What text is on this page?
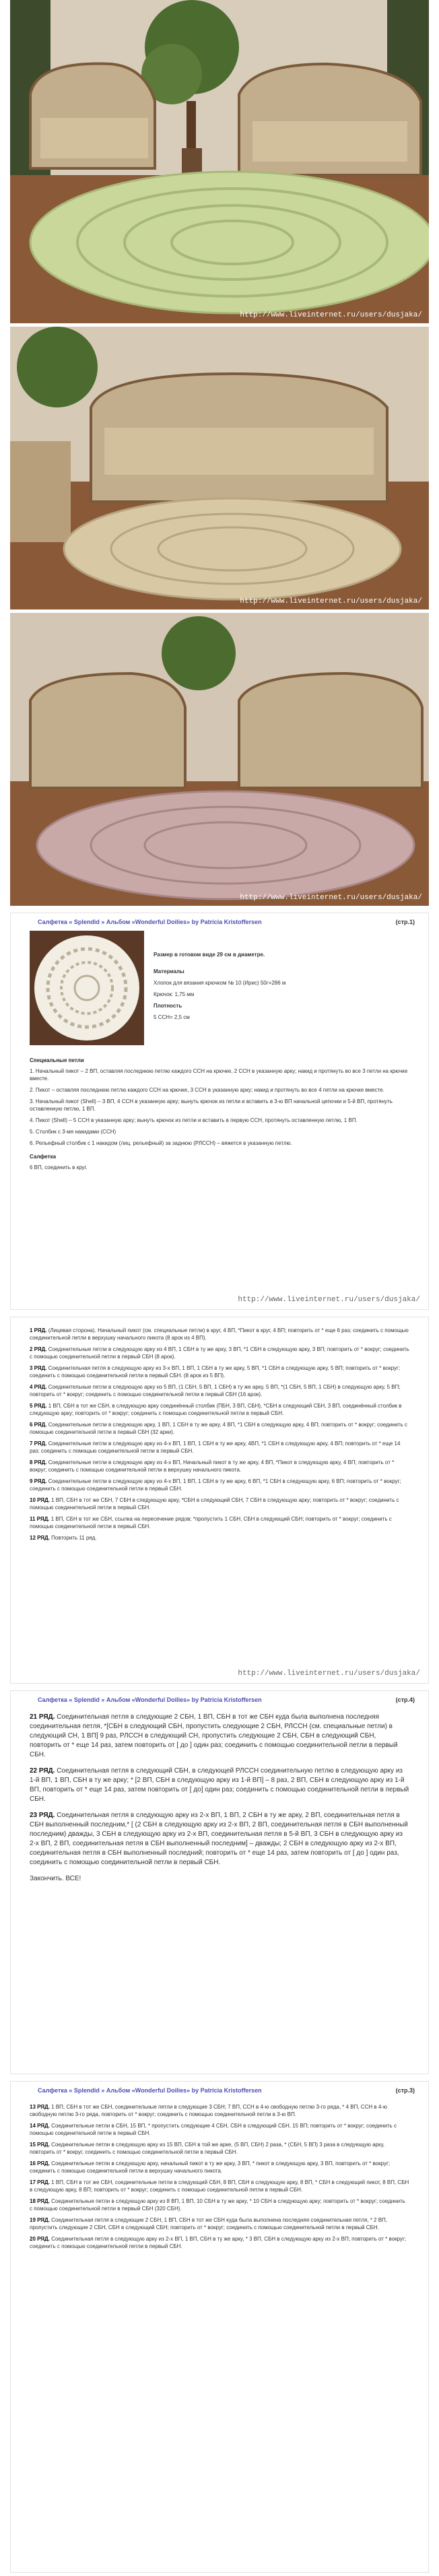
http://www.liveinternet.ru/users/dusjaka/
http://www.liveinternet.ru/users/dusjaka/
http://www.liveinternet.ru/users/dusjaka/
Салфетка « Splendid » Альбом «Wonderful Doilies» by Patricia Kristoffersen	(стр.1)

Размер в готовом виде 29 см в диаметре.

Материалы

Хлопок для вязания крючком № 10 (Ирис) 50г=286 м

Крючок: 1,75 мм

Плотность

5 ССН= 2,5 см

Специальные петли

1. Начальный пикот – 2 ВП, оставляя последнюю петлю каждого ССН на крючке, 2 ССН в указанную арку; накид и протянуть во все 3 петли на крючке вместе.

2. Пикот – оставляя последнюю петлю каждого ССН на крючке, 3 ССН в указанную арку; накид и протянуть во все 4 петли на крючке вместе.

3. Начальный пикот (Shell) – 3 ВП, 4 ССН в указанную арку; вынуть крючок из петли и вставить в 3-ю ВП начальной цепочки и 5-й ВП, протянуть оставленную петлю, 1 ВП.

4. Пикот (Shell) – 5 ССН в указанную арку; вынуть крючок из петли и вставить в первую ССН, протянуть оставленную петлю, 1 ВП.

5. Столбик с 3-мя накидами (ССН)

6. Рельефный столбик с 1 накидом (лиц. рельефный) за заднюю (РЛССН) – вяжется в указанную петлю.

Салфетка

6 ВП, соединить в круг.

http://www.liveinternet.ru/users/dusjaka/

1 РЯД. (Лицевая сторона). Начальный пикот (см. специальные петли) в круг, 4 ВП, *Пикот в круг, 4 ВП; повторить от * еще 6 раз; соединить с помощью соединительной петли в верхушку начального пикота (8 арок из 4 ВП).

2 РЯД. Соединительные петли в следующую арку из 4 ВП, 1 СБН в ту же арку, 3 ВП, *1 СБН в следующую арку, 3 ВП; повторить от * вокруг; соединить с помощью соединительной петли в первый СБН (8 арок).

3 РЯД. Соединительная петля в следующую арку из 3-х ВП, 1 ВП, 1 СБН в ту же арку, 5 ВП, *1 СБН в следующую арку, 5 ВП; повторить от * вокруг; соединить с помощью соединительной петли в первый СБН. (8 арок из 5 ВП).

4 РЯД. Соединительные петли в следующую арку из 5 ВП, (1 СБН, 5 ВП, 1 СБН) в ту же арку, 5 ВП, *(1 СБН, 5 ВП, 1 СБН) в следующую арку, 5 ВП; повторить от * вокруг; соединить с помощью соединительной петли в первый СБН (16 арок).

5 РЯД. 1 ВП, СБН в тот же СБН, в следующую арку соединённый столбик (ПБН, 3 ВП, СБН), *СБН в следующий СБН, 3 ВП, соединённый столбик в следующую арку; повторить от * вокруг; соединить с помощью соединительной петли в первый СБН.

6 РЯД. Соединительные петли в следующую арку, 1 ВП, 1 СБН в ту же арку, 4 ВП, *1 СБН в следующую арку, 4 ВП; повторить от * вокруг; соединить с помощью соединительной петли в первый СБН (32 арки).

7 РЯД. Соединительные петли в следующую арку из 4-х ВП, 1 ВП, 1 СБН в ту же арку, 4ВП, *1 СБН в следующую арку, 4 ВП; повторить от * еще 14 раз; соединить с помощью соединительной петли в первый СБН.

8 РЯД. Соединительные петли в следующую арку из 4-х ВП, Начальный пикот в ту же арку, 4 ВП, *Пикот в следующую арку, 4 ВП; повторить от * вокруг; соединить с помощью соединительной петли в верхушку начального пикота.

9 РЯД. Соединительные петли в следующую арку из 4-х ВП, 1 ВП, 1 СБН в ту же арку, 6 ВП, *1 СБН в следующую арку, 6 ВП; повторить от * вокруг; соединить с помощью соединительной петли в первый СБН.

10 РЯД. 1 ВП, СБН в тот же СБН, 7 СБН в следующую арку, *СБН в следующий СБН, 7 СБН в следующую арку; повторить от * вокруг; соединить с помощью соединительной петли в первый СБН.

11 РЯД. 1 ВП, СБН в тот же СБН, ссылка на пересечение рядов; *пропустить 1 СБН, СБН в следующий СБН; повторить от * вокруг; соединить с помощью соединительной петли в первый СБН.

12 РЯД. Повторить 11 ряд.

http://www.liveinternet.ru/users/dusjaka/
Салфетка « Splendid » Альбом «Wonderful Doilies» by Patricia Kristoffersen	(стр.4)

21 РЯД. Соединительная петля в следующие 2 СБН, 1 ВП, СБН в тот же СБН куда была выполнена последняя соединительная петля, *[СБН в следующий СБН, пропустить следующие 2 СБН, РЛССН (см. специальные петли) в следующий СН, 1 ВП] 9 раз, РЛССН в следующий СН, пропустить следующие 2 СБН, СБН в следующий СБН, повторить от * еще 14 раз, затем повторить от [ до ] один раз; соединить с помощью соединительной петли в первый СБН.

22 РЯД. Соединительная петля в следующий СБН, в следующей РЛССН соединительную петлю в следующую арку из 1-й ВП, 1 ВП, СБН в ту же арку; * [2 ВП, СБН в следующую арку из 1-й ВП] – 8 раз, 2 ВП, СБН в следующую арку из 1-й ВП, повторить от * еще 14 раз, затем повторить от [ до] один раз; соединить с помощью соединительной петли в первый СБН.

23 РЯД. Соединительная петля в следующую арку из 2-х ВП, 1 ВП, 2 СБН в ту же арку, 2 ВП, соединительная петля в СБН выполненный последним,* [ (2 СБН в следующую арку из 2-х ВП, 2 ВП, соединительная петля в СБН выполненный последним) дважды, 3 СБН в следующую арку из 2-х ВП, соединительная петля в 5-й ВП, 3 СБН в следующую арку из 2-х ВП, 2 ВП, соединительная петля в СБН выполненный последним] – дважды; 2 СБН в следующую арку из 2-х ВП, соединительная петля в СБН выполненный последний; повторить от * еще 14 раз, затем повторить от [ до ] один раз, соединить с помощью соединительной петли в первый СБН.

Закончить. ВСЕ!

Салфетка « Splendid » Альбом «Wonderful Doilies» by Patricia Kristoffersen	(стр.3)

13 РЯД. 1 ВП, СБН в тот же СБН, соединительные петли в следующие 3 СБН; 7 ВП, ССН в 4-ю свободную петлю 3-го ряда, * 4 ВП, ССН в 4-ю свободную петлю 3-го ряда, повторить от * вокруг; соединить с помощью соединительной петли в 3-ю ВП.

14 РЯД. Соединительные петли в СБН, 15 ВП, * пропустить следующие 4 СБН, СБН в следующий СБН, 15 ВП; повторить от * вокруг; соединить с помощью соединительной петли в первый СБН.

15 РЯД. Соединительные петли в следующую арку из 15 ВП, СБН в той же арке, (5 ВП, СБН) 2 раза, * (СБН, 5 ВП) 3 раза в следующую арку, повторить от * вокруг, соединить с помощью соединительной петли в первый СБН.

16 РЯД. Соединительные петли в следующую арку, начальный пикот в ту же арку, 3 ВП, * пикот в следующую арку, 3 ВП, повторить от * вокруг; соединить с помощью соединительной петли в верхушку начального пикота.

17 РЯД. 1 ВП, СБН в тот же СБН, соединительные петли в следующий СБН, 8 ВП, СБН в следующую арку, 8 ВП, * СБН в следующий пикот, 8 ВП, СБН в следующую арку, 8 ВП; повторить от * вокруг; соединить с помощью соединительной петли в первый СБН.

18 РЯД. Соединительные петли в следующую арку из 8 ВП, 1 ВП, 10 СБН в ту же арку, * 10 СБН в следующую арку; повторить от * вокруг; соединить с помощью соединительной петли в первый СБН (320 СБН).

19 РЯД. Соединительная петля в следующие 2 СБН, 1 ВП, СБН в тот же СБН куда была выполнена последняя соединительная петля, * 2 ВП, пропустить следующие 2 СБН, СБН в следующий СБН; повторить от * вокруг; соединить с помощью соединительной петли в первый СБН.

20 РЯД. Соединительная петля в следующую арку из 2-х ВП, 1 ВП, СБН в ту же арку, * 3 ВП, СБН в следующую арку из 2-х ВП; повторить от * вокруг; соединить с помощью соединительной петли в первый СБН.
